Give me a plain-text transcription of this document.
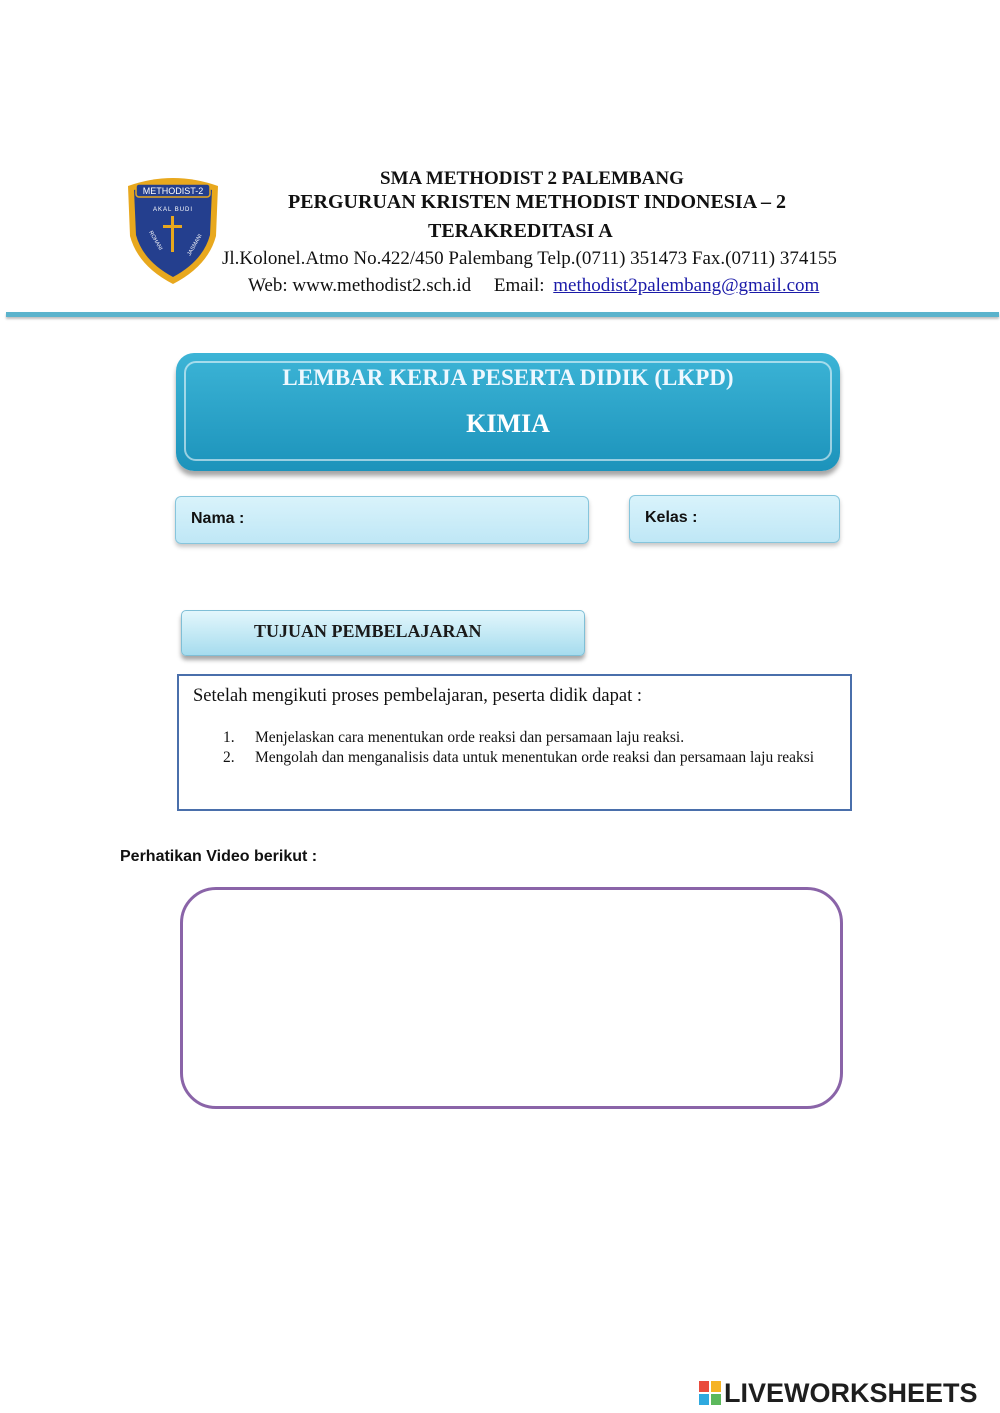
METHODIST-2
AKAL BUDI
ROHANI	JASMANI
SMA METHODIST 2 PALEMBANG
PERGURUAN KRISTEN METHODIST INDONESIA – 2
TERAKREDITASI A
Jl.Kolonel.Atmo No.422/450 Palembang Telp.(0711) 351473 Fax.(0711) 374155
Web: www.methodist2.sch.id Email: methodist2palembang@gmail.com
LEMBAR KERJA PESERTA DIDIK (LKPD)
KIMIA
Nama :	Kelas :
TUJUAN PEMBELAJARAN
Setelah mengikuti proses pembelajaran, peserta didik dapat :
1.	Menjelaskan cara menentukan orde reaksi dan persamaan laju reaksi.
2.	Mengolah dan menganalisis data untuk menentukan orde reaksi dan persamaan laju reaksi
Perhatikan Video berikut :
LIVEWORKSHEETS
